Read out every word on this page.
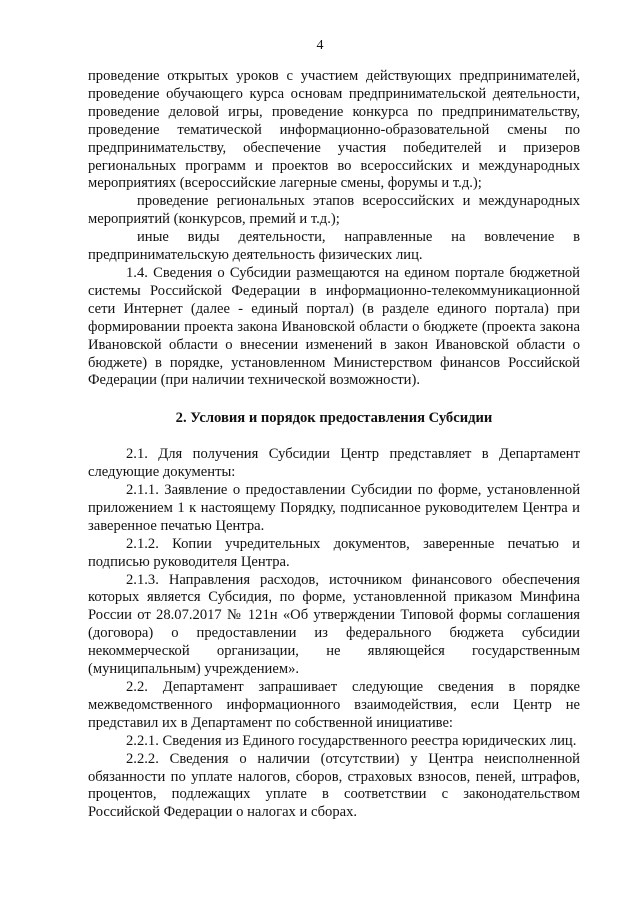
4

проведение открытых уроков с участием действующих предпринимателей, проведение обучающего курса основам предпринимательской деятельности, проведение деловой игры, проведение конкурса по предпринимательству, проведение тематической информационно-образовательной смены по предпринимательству, обеспечение участия победителей и призеров региональных программ и проектов во всероссийских и международных мероприятиях (всероссийские лагерные смены, форумы и т.д.);

проведение региональных этапов всероссийских и международных мероприятий (конкурсов, премий и т.д.);

иные виды деятельности, направленные на вовлечение в предпринимательскую деятельность физических лиц.

1.4. Сведения о Субсидии размещаются на едином портале бюджетной системы Российской Федерации в информационно-телекоммуникационной сети Интернет (далее - единый портал) (в разделе единого портала) при формировании проекта закона Ивановской области о бюджете (проекта закона Ивановской области о внесении изменений в закон Ивановской области о бюджете) в порядке, установленном Министерством финансов Российской Федерации (при наличии технической возможности).

2. Условия и порядок предоставления Субсидии

2.1. Для получения Субсидии Центр представляет в Департамент следующие документы:

2.1.1. Заявление о предоставлении Субсидии по форме, установленной приложением 1 к настоящему Порядку, подписанное руководителем Центра и заверенное печатью Центра.

2.1.2. Копии учредительных документов, заверенные печатью и подписью руководителя Центра.

2.1.3. Направления расходов, источником финансового обеспечения которых является Субсидия, по форме, установленной приказом Минфина России от 28.07.2017 № 121н «Об утверждении Типовой формы соглашения (договора) о предоставлении из федерального бюджета субсидии некоммерческой организации, не являющейся государственным (муниципальным) учреждением».

2.2. Департамент запрашивает следующие сведения в порядке межведомственного информационного взаимодействия, если Центр не представил их в Департамент по собственной инициативе:

2.2.1. Сведения из Единого государственного реестра юридических лиц.

2.2.2. Сведения о наличии (отсутствии) у Центра неисполненной обязанности по уплате налогов, сборов, страховых взносов, пеней, штрафов, процентов, подлежащих уплате в соответствии с законодательством Российской Федерации о налогах и сборах.
